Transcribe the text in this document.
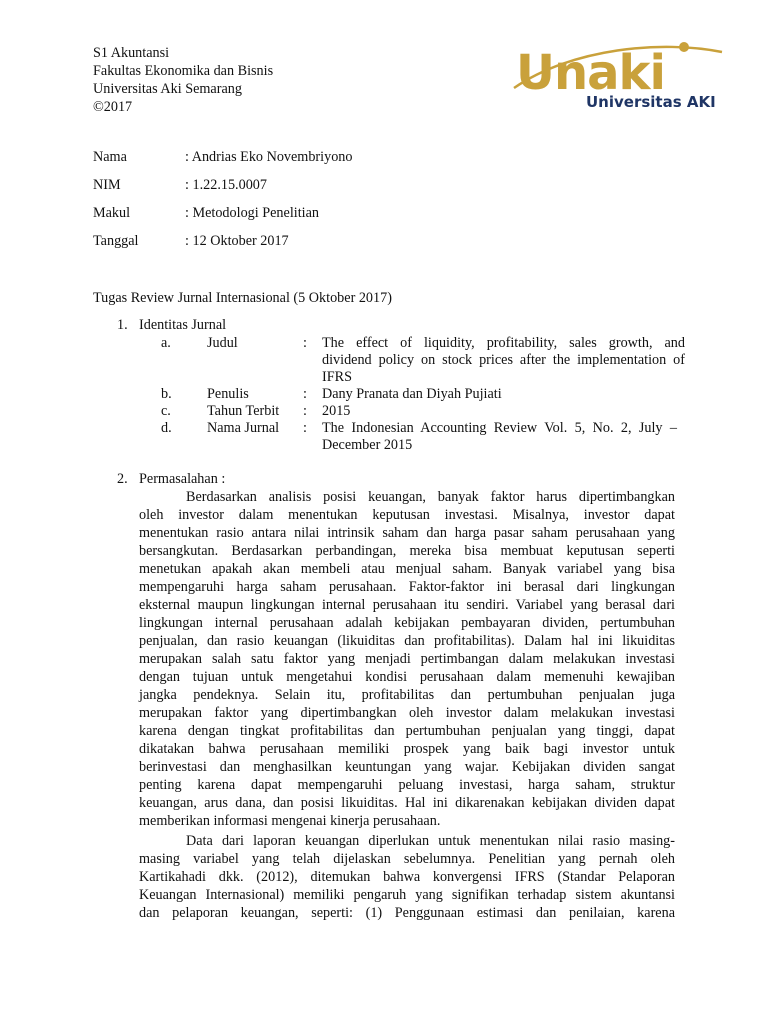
S1 Akuntansi
Fakultas Ekonomika dan Bisnis
Universitas Aki Semarang
©2017
Unaki
Universitas AKI
Nama	: Andrias Eko Novembriyono
NIM	: 1.22.15.0007
Makul	: Metodologi Penelitian
Tanggal	: 12 Oktober 2017
Tugas Review Jurnal Internasional (5 Oktober 2017)
1. Identitas Jurnal
a.	Judul	: The effect of liquidity, profitability, sales growth, and
dividend policy on stock prices after the implementation of
IFRS
b. Penulis	: Dany Pranata dan Diyah Pujiati
c.	Tahun Terbit : 2015
d. Nama Jurnal : The Indonesian Accounting Review Vol. 5, No. 2, July –
December 2015
2. Permasalahan :
Berdasarkan analisis posisi keuangan, banyak faktor harus dipertimbangkan
oleh investor dalam menentukan keputusan investasi. Misalnya, investor dapat
menentukan rasio antara nilai intrinsik saham dan harga pasar saham perusahaan yang
bersangkutan. Berdasarkan perbandingan, mereka bisa membuat keputusan seperti
menetukan apakah akan membeli atau menjual saham. Banyak variabel yang bisa
mempengaruhi harga saham perusahaan. Faktor-faktor ini berasal dari lingkungan
eksternal maupun lingkungan internal perusahaan itu sendiri. Variabel yang berasal dari
lingkungan internal perusahaan adalah kebijakan pembayaran dividen, pertumbuhan
penjualan, dan rasio keuangan (likuiditas dan profitabilitas). Dalam hal ini likuiditas
merupakan salah satu faktor yang menjadi pertimbangan dalam melakukan investasi
dengan tujuan untuk mengetahui kondisi perusahaan dalam memenuhi kewajiban
jangka pendeknya. Selain itu, profitabilitas dan pertumbuhan penjualan juga
merupakan faktor yang dipertimbangkan oleh investor dalam melakukan investasi
karena dengan tingkat profitabilitas dan pertumbuhan penjualan yang tinggi, dapat
dikatakan bahwa perusahaan memiliki prospek yang baik bagi investor untuk
berinvestasi dan menghasilkan keuntungan yang wajar. Kebijakan dividen sangat
penting karena dapat mempengaruhi peluang investasi, harga saham, struktur
keuangan, arus dana, dan posisi likuiditas. Hal ini dikarenakan kebijakan dividen dapat
memberikan informasi mengenai kinerja perusahaan.
Data dari laporan keuangan diperlukan untuk menentukan nilai rasio masing-
masing variabel yang telah dijelaskan sebelumnya. Penelitian yang pernah oleh
Kartikahadi dkk. (2012), ditemukan bahwa konvergensi IFRS (Standar Pelaporan
Keuangan Internasional) memiliki pengaruh yang signifikan terhadap sistem akuntansi
dan pelaporan keuangan, seperti: (1) Penggunaan estimasi dan penilaian, karena
